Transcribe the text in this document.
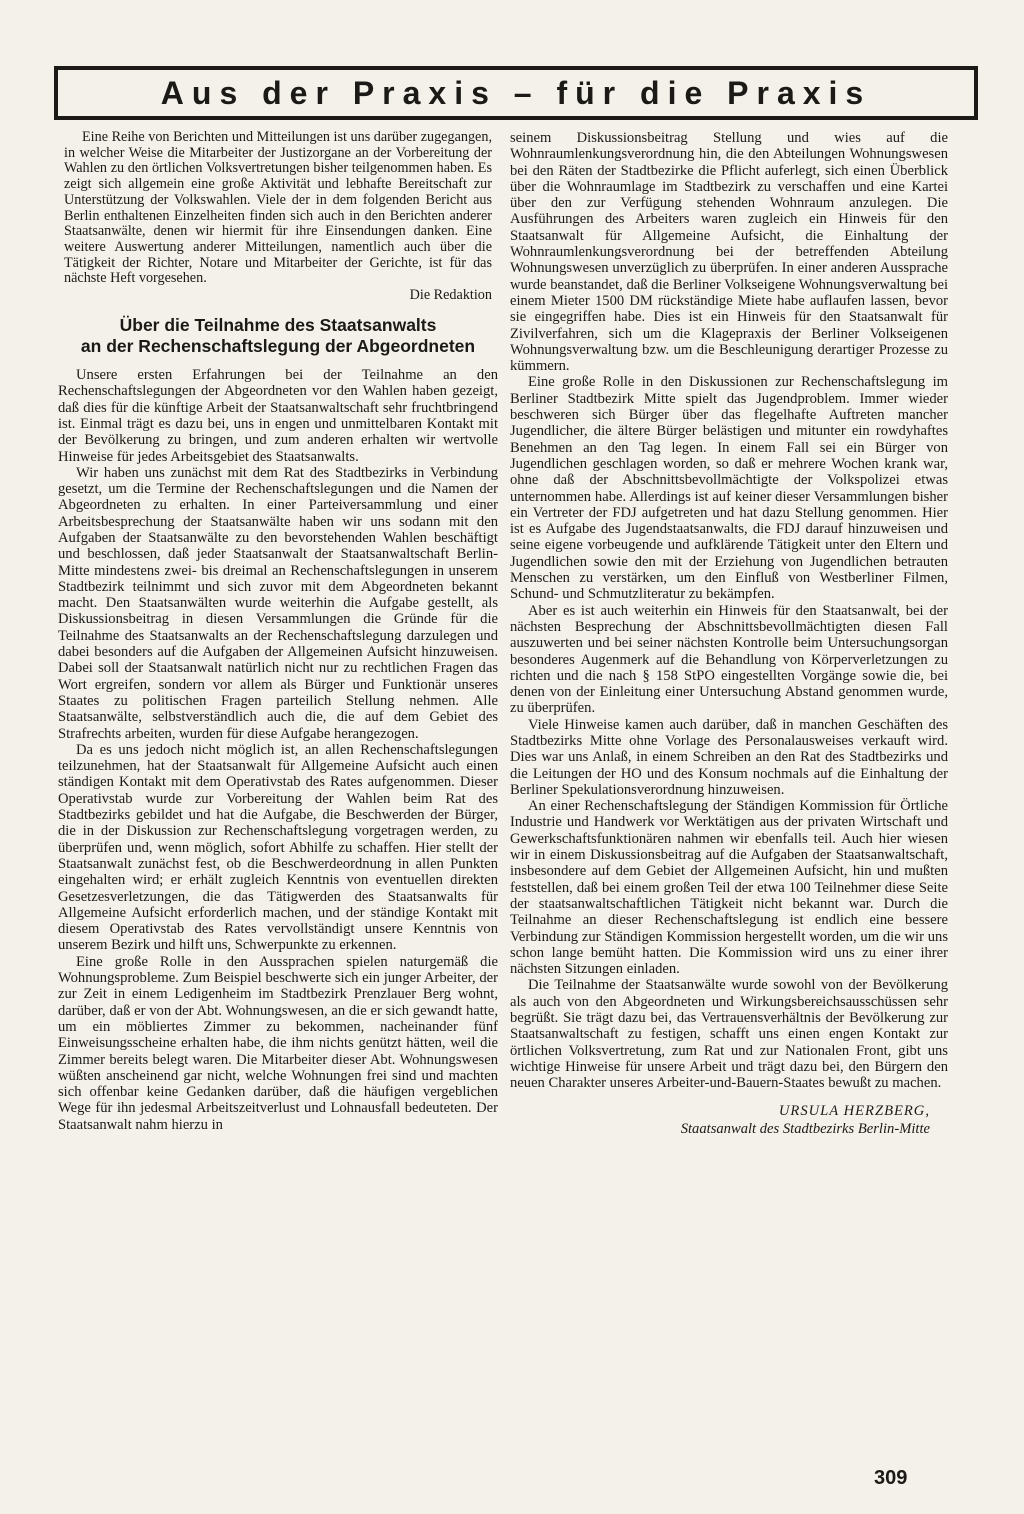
Aus der Praxis – für die Praxis

Eine Reihe von Berichten und Mitteilungen ist uns darüber zugegangen, in welcher Weise die Mitarbeiter der Justizorgane an der Vorbereitung der Wahlen zu den örtlichen Volksvertretungen bisher teilgenommen haben. Es zeigt sich allgemein eine große Aktivität und lebhafte Bereitschaft zur Unterstützung der Volkswahlen. Viele der in dem folgenden Bericht aus Berlin enthaltenen Einzelheiten finden sich auch in den Berichten anderer Staatsanwälte, denen wir hiermit für ihre Einsendungen danken. Eine weitere Auswertung anderer Mitteilungen, namentlich auch über die Tätigkeit der Richter, Notare und Mitarbeiter der Gerichte, ist für das nächste Heft vorgesehen.

Die Redaktion
Über die Teilnahme des Staatsanwalts
an der Rechenschaftslegung der Abgeordneten

Unsere ersten Erfahrungen bei der Teilnahme an den Rechenschaftslegungen der Abgeordneten vor den Wahlen haben gezeigt, daß dies für die künftige Arbeit der Staatsanwaltschaft sehr fruchtbringend ist. Einmal trägt es dazu bei, uns in engen und unmittelbaren Kontakt mit der Bevölkerung zu bringen, und zum anderen erhalten wir wertvolle Hinweise für jedes Arbeitsgebiet des Staatsanwalts.

Wir haben uns zunächst mit dem Rat des Stadtbezirks in Verbindung gesetzt, um die Termine der Rechenschaftslegungen und die Namen der Abgeordneten zu erhalten. In einer Parteiversammlung und einer Arbeitsbesprechung der Staatsanwälte haben wir uns sodann mit den Aufgaben der Staatsanwälte zu den bevorstehenden Wahlen beschäftigt und beschlossen, daß jeder Staatsanwalt der Staatsanwaltschaft Berlin-Mitte mindestens zwei- bis dreimal an Rechenschaftslegungen in unserem Stadtbezirk teilnimmt und sich zuvor mit dem Abgeordneten bekannt macht. Den Staatsanwälten wurde weiterhin die Aufgabe gestellt, als Diskussionsbeitrag in diesen Versammlungen die Gründe für die Teilnahme des Staatsanwalts an der Rechenschaftslegung darzulegen und dabei besonders auf die Aufgaben der Allgemeinen Aufsicht hinzuweisen. Dabei soll der Staatsanwalt natürlich nicht nur zu rechtlichen Fragen das Wort ergreifen, sondern vor allem als Bürger und Funktionär unseres Staates zu politischen Fragen parteilich Stellung nehmen. Alle Staatsanwälte, selbstverständlich auch die, die auf dem Gebiet des Strafrechts arbeiten, wurden für diese Aufgabe herangezogen.

Da es uns jedoch nicht möglich ist, an allen Rechenschaftslegungen teilzunehmen, hat der Staatsanwalt für Allgemeine Aufsicht auch einen ständigen Kontakt mit dem Operativstab des Rates aufgenommen. Dieser Operativstab wurde zur Vorbereitung der Wahlen beim Rat des Stadtbezirks gebildet und hat die Aufgabe, die Beschwerden der Bürger, die in der Diskussion zur Rechenschaftslegung vorgetragen werden, zu überprüfen und, wenn möglich, sofort Abhilfe zu schaffen. Hier stellt der Staatsanwalt zunächst fest, ob die Beschwerdeordnung in allen Punkten eingehalten wird; er erhält zugleich Kenntnis von eventuellen direkten Gesetzesverletzungen, die das Tätigwerden des Staatsanwalts für Allgemeine Aufsicht erforderlich machen, und der ständige Kontakt mit diesem Operativstab des Rates vervollständigt unsere Kenntnis von unserem Bezirk und hilft uns, Schwerpunkte zu erkennen.

Eine große Rolle in den Aussprachen spielen naturgemäß die Wohnungsprobleme. Zum Beispiel beschwerte sich ein junger Arbeiter, der zur Zeit in einem Ledigenheim im Stadtbezirk Prenzlauer Berg wohnt, darüber, daß er von der Abt. Wohnungswesen, an die er sich gewandt hatte, um ein möbliertes Zimmer zu bekommen, nacheinander fünf Einweisungsscheine erhalten habe, die ihm nichts genützt hätten, weil die Zimmer bereits belegt waren. Die Mitarbeiter dieser Abt. Wohnungswesen wüßten anscheinend gar nicht, welche Wohnungen frei sind und machten sich offenbar keine Gedanken darüber, daß die häufigen vergeblichen Wege für ihn jedesmal Arbeitszeitverlust und Lohnausfall bedeuteten. Der Staatsanwalt nahm hierzu in

seinem Diskussionsbeitrag Stellung und wies auf die Wohnraumlenkungsverordnung hin, die den Abteilungen Wohnungswesen bei den Räten der Stadtbezirke die Pflicht auferlegt, sich einen Überblick über die Wohnraumlage im Stadtbezirk zu verschaffen und eine Kartei über den zur Verfügung stehenden Wohnraum anzulegen. Die Ausführungen des Arbeiters waren zugleich ein Hinweis für den Staatsanwalt für Allgemeine Aufsicht, die Einhaltung der Wohnraumlenkungsverordnung bei der betreffenden Abteilung Wohnungswesen unverzüglich zu überprüfen. In einer anderen Aussprache wurde beanstandet, daß die Berliner Volkseigene Wohnungsverwaltung bei einem Mieter 1500 DM rückständige Miete habe auflaufen lassen, bevor sie eingegriffen habe. Dies ist ein Hinweis für den Staatsanwalt für Zivilverfahren, sich um die Klagepraxis der Berliner Volkseigenen Wohnungsverwaltung bzw. um die Beschleunigung derartiger Prozesse zu kümmern.

Eine große Rolle in den Diskussionen zur Rechenschaftslegung im Berliner Stadtbezirk Mitte spielt das Jugendproblem. Immer wieder beschweren sich Bürger über das flegelhafte Auftreten mancher Jugendlicher, die ältere Bürger belästigen und mitunter ein rowdyhaftes Benehmen an den Tag legen. In einem Fall sei ein Bürger von Jugendlichen geschlagen worden, so daß er mehrere Wochen krank war, ohne daß der Abschnittsbevollmächtigte der Volkspolizei etwas unternommen habe. Allerdings ist auf keiner dieser Versammlungen bisher ein Vertreter der FDJ aufgetreten und hat dazu Stellung genommen. Hier ist es Aufgabe des Jugendstaatsanwalts, die FDJ darauf hinzuweisen und seine eigene vorbeugende und aufklärende Tätigkeit unter den Eltern und Jugendlichen sowie den mit der Erziehung von Jugendlichen betrauten Menschen zu verstärken, um den Einfluß von Westberliner Filmen, Schund- und Schmutzliteratur zu bekämpfen.

Aber es ist auch weiterhin ein Hinweis für den Staatsanwalt, bei der nächsten Besprechung der Abschnittsbevollmächtigten diesen Fall auszuwerten und bei seiner nächsten Kontrolle beim Untersuchungsorgan besonderes Augenmerk auf die Behandlung von Körperverletzungen zu richten und die nach § 158 StPO eingestellten Vorgänge sowie die, bei denen von der Einleitung einer Untersuchung Abstand genommen wurde, zu überprüfen.

Viele Hinweise kamen auch darüber, daß in manchen Geschäften des Stadtbezirks Mitte ohne Vorlage des Personalausweises verkauft wird. Dies war uns Anlaß, in einem Schreiben an den Rat des Stadtbezirks und die Leitungen der HO und des Konsum nochmals auf die Einhaltung der Berliner Spekulationsverordnung hinzuweisen.

An einer Rechenschaftslegung der Ständigen Kommission für Örtliche Industrie und Handwerk vor Werktätigen aus der privaten Wirtschaft und Gewerkschaftsfunktionären nahmen wir ebenfalls teil. Auch hier wiesen wir in einem Diskussionsbeitrag auf die Aufgaben der Staatsanwaltschaft, insbesondere auf dem Gebiet der Allgemeinen Aufsicht, hin und mußten feststellen, daß bei einem großen Teil der etwa 100 Teilnehmer diese Seite der staatsanwaltschaftlichen Tätigkeit nicht bekannt war. Durch die Teilnahme an dieser Rechenschaftslegung ist endlich eine bessere Verbindung zur Ständigen Kommission hergestellt worden, um die wir uns schon lange bemüht hatten. Die Kommission wird uns zu einer ihrer nächsten Sitzungen einladen.

Die Teilnahme der Staatsanwälte wurde sowohl von der Bevölkerung als auch von den Abgeordneten und Wirkungsbereichsausschüssen sehr begrüßt. Sie trägt dazu bei, das Vertrauensverhältnis der Bevölkerung zur Staatsanwaltschaft zu festigen, schafft uns einen engen Kontakt zur örtlichen Volksvertretung, zum Rat und zur Nationalen Front, gibt uns wichtige Hinweise für unsere Arbeit und trägt dazu bei, den Bürgern den neuen Charakter unseres Arbeiter-und-Bauern-Staates bewußt zu machen.

URSULA HERZBERG,
Staatsanwalt des Stadtbezirks Berlin-Mitte
309
